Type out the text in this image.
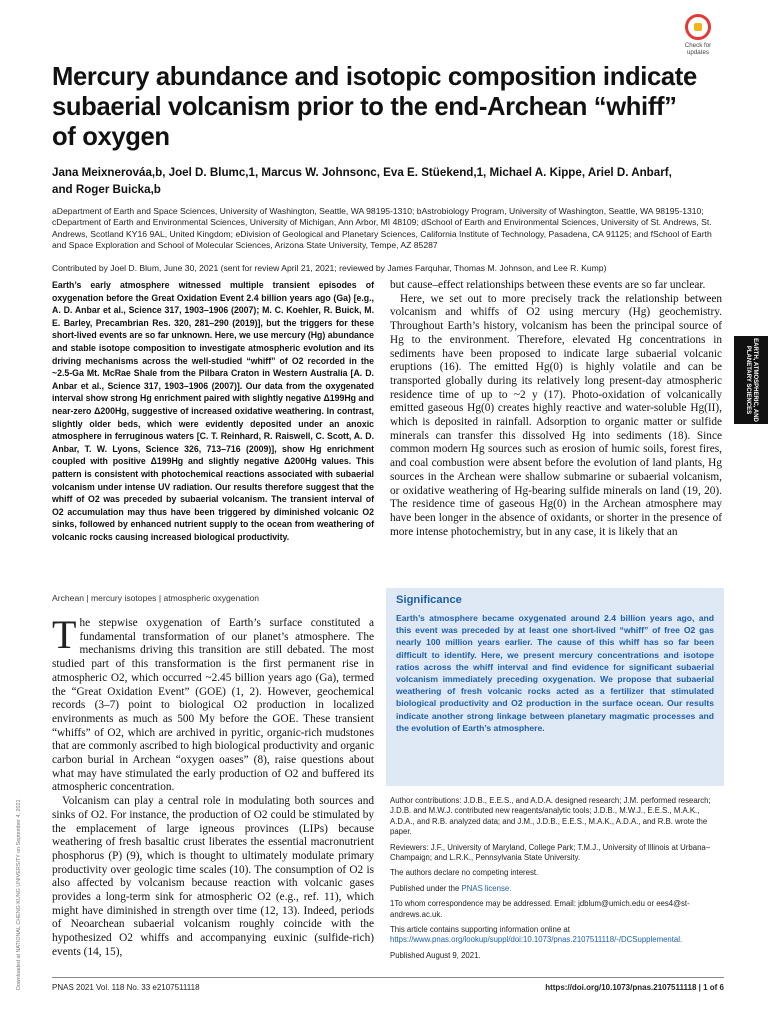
Check for updates
Mercury abundance and isotopic composition indicate subaerial volcanism prior to the end-Archean “whiff” of oxygen
Jana Meixnerováa,b, Joel D. Blumc,1, Marcus W. Johnsonc, Eva E. Stüekend,1, Michael A. Kippe, Ariel D. Anbarf,
and Roger Buicka,b
aDepartment of Earth and Space Sciences, University of Washington, Seattle, WA 98195-1310; bAstrobiology Program, University of Washington, Seattle, WA 98195-1310; cDepartment of Earth and Environmental Sciences, University of Michigan, Ann Arbor, MI 48109; dSchool of Earth and Environmental Sciences, University of St. Andrews, St. Andrews, Scotland KY16 9AL, United Kingdom; eDivision of Geological and Planetary Sciences, California Institute of Technology, Pasadena, CA 91125; and fSchool of Earth and Space Exploration and School of Molecular Sciences, Arizona State University, Tempe, AZ 85287
Contributed by Joel D. Blum, June 30, 2021 (sent for review April 21, 2021; reviewed by James Farquhar, Thomas M. Johnson, and Lee R. Kump)
Earth’s early atmosphere witnessed multiple transient episodes of oxygenation before the Great Oxidation Event 2.4 billion years ago (Ga) [e.g., A. D. Anbar et al., Science 317, 1903–1906 (2007); M. C. Koehler, R. Buick, M. E. Barley, Precambrian Res. 320, 281–290 (2019)], but the triggers for these short-lived events are so far unknown. Here, we use mercury (Hg) abundance and stable isotope composition to investigate atmospheric evolution and its driving mechanisms across the well-studied “whiff” of O2 recorded in the ~2.5-Ga Mt. McRae Shale from the Pilbara Craton in Western Australia [A. D. Anbar et al., Science 317, 1903–1906 (2007)]. Our data from the oxygenated interval show strong Hg enrichment paired with slightly negative Δ199Hg and near-zero Δ200Hg, suggestive of increased oxidative weathering. In contrast, slightly older beds, which were evidently deposited under an anoxic atmosphere in ferruginous waters [C. T. Reinhard, R. Raiswell, C. Scott, A. D. Anbar, T. W. Lyons, Science 326, 713–716 (2009)], show Hg enrichment coupled with positive Δ199Hg and slightly negative Δ200Hg values. This pattern is consistent with photochemical reactions associated with subaerial volcanism under intense UV radiation. Our results therefore suggest that the whiff of O2 was preceded by subaerial volcanism. The transient interval of O2 accumulation may thus have been triggered by diminished volcanic O2 sinks, followed by enhanced nutrient supply to the ocean from weathering of volcanic rocks causing increased biological productivity.
Archean | mercury isotopes | atmospheric oxygenation

The stepwise oxygenation of Earth’s surface constituted a fundamental transformation of our planet’s atmosphere. The mechanisms driving this transition are still debated. The most studied part of this transformation is the first permanent rise in atmospheric O2, which occurred ~2.45 billion years ago (Ga), termed the “Great Oxidation Event” (GOE) (1, 2). However, geochemical records (3–7) point to biological O2 production in localized environments as much as 500 My before the GOE. These transient “whiffs” of O2, which are archived in pyritic, organic-rich mudstones that are commonly ascribed to high biological productivity and organic carbon burial in Archean “oxygen oases” (8), raise questions about what may have stimulated the early production of O2 and buffered its atmospheric concentration.

Volcanism can play a central role in modulating both sources and sinks of O2. For instance, the production of O2 could be stimulated by the emplacement of large igneous provinces (LIPs) because weathering of fresh basaltic crust liberates the essential macronutrient phosphorus (P) (9), which is thought to ultimately modulate primary productivity over geologic time scales (10). The consumption of O2 is also affected by volcanism because reaction with volcanic gases provides a long-term sink for atmospheric O2 (e.g., ref. 11), which might have diminished in strength over time (12, 13). Indeed, periods of Neoarchean subaerial volcanism roughly coincide with the hypothesized O2 whiffs and accompanying euxinic (sulfide-rich) events (14, 15),

but cause–effect relationships between these events are so far unclear.

Here, we set out to more precisely track the relationship between volcanism and whiffs of O2 using mercury (Hg) geochemistry. Throughout Earth’s history, volcanism has been the principal source of Hg to the environment. Therefore, elevated Hg concentrations in sediments have been proposed to indicate large subaerial volcanic eruptions (16). The emitted Hg(0) is highly volatile and can be transported globally during its relatively long present-day atmospheric residence time of up to ~2 y (17). Photo-oxidation of volcanically emitted gaseous Hg(0) creates highly reactive and water-soluble Hg(II), which is deposited in rainfall. Adsorption to organic matter or sulfide minerals can transfer this dissolved Hg into sediments (18). Since common modern Hg sources such as erosion of humic soils, forest fires, and coal combustion were absent before the evolution of land plants, Hg sources in the Archean were shallow submarine or subaerial volcanism, or oxidative weathering of Hg-bearing sulfide minerals on land (19, 20). The residence time of gaseous Hg(0) in the Archean atmosphere may have been longer in the absence of oxidants, or shorter in the presence of more intense photochemistry, but in any case, it is likely that an

Significance
Earth’s atmosphere became oxygenated around 2.4 billion years ago, and this event was preceded by at least one short-lived “whiff” of free O2 gas nearly 100 million years earlier. The cause of this whiff has so far been difficult to identify. Here, we present mercury concentrations and isotope ratios across the whiff interval and find evidence for significant subaerial volcanism immediately preceding oxygenation. We propose that subaerial weathering of fresh volcanic rocks acted as a fertilizer that stimulated biological productivity and O2 production in the surface ocean. Our results indicate another strong linkage between planetary magmatic processes and the evolution of Earth’s atmosphere.

Author contributions: J.D.B., E.E.S., and A.D.A. designed research; J.M. performed research; J.D.B. and M.W.J. contributed new reagents/analytic tools; J.D.B., M.W.J., E.E.S., M.A.K., A.D.A., and R.B. analyzed data; and J.M., J.D.B., E.E.S., M.A.K., A.D.A., and R.B. wrote the paper.

Reviewers: J.F., University of Maryland, College Park; T.M.J., University of Illinois at Urbana–Champaign; and L.R.K., Pennsylvania State University.

The authors declare no competing interest.

Published under the PNAS license.

1To whom correspondence may be addressed. Email: jdblum@umich.edu or ees4@st-andrews.ac.uk.

This article contains supporting information online at https://www.pnas.org/lookup/suppl/doi:10.1073/pnas.2107511118/-/DCSupplemental.

Published August 9, 2021.

EARTH, ATMOSPHERIC, AND PLANETARY SCIENCES
Downloaded at NATIONAL CHENG KUNG UNIVERSITY on September 4, 2021	PNAS 2021 Vol. 118 No. 33 e2107511118	https://doi.org/10.1073/pnas.2107511118 | 1 of 6
